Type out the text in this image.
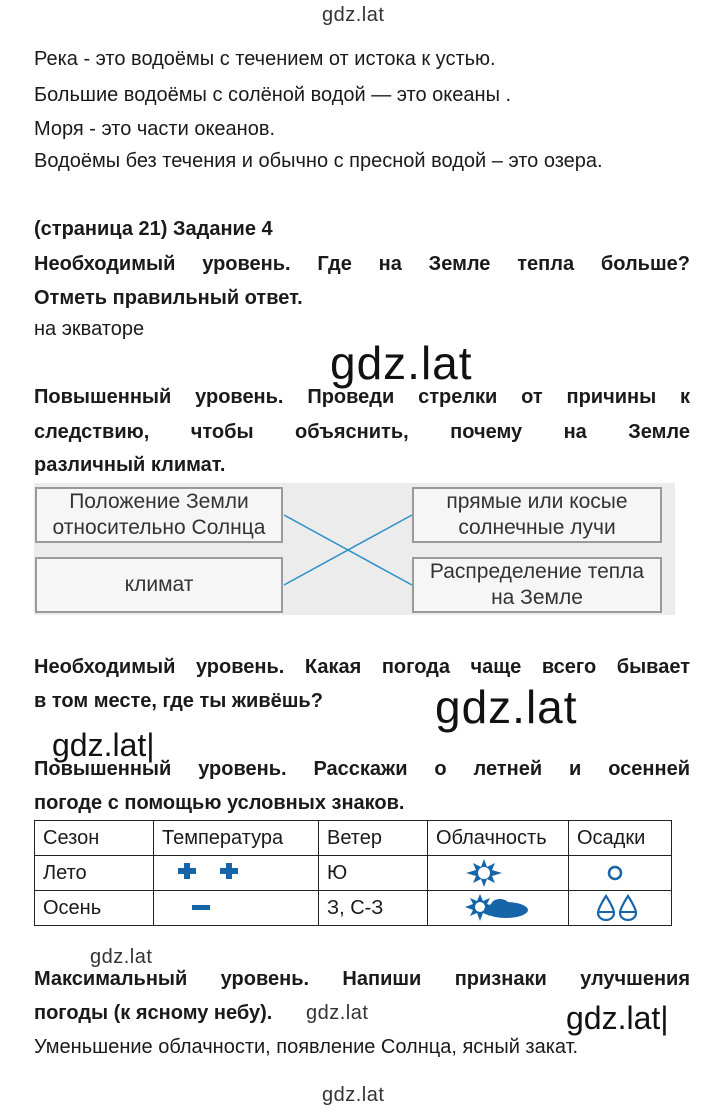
gdz.lat
Река - это водоёмы с течением от истока к устью.
Большие водоёмы с солёной водой — это океаны .
Моря - это части океанов.
Водоёмы без течения и обычно с пресной водой – это озера.
(страница 21) Задание 4
Необходимый уровень. Где на Земле тепла больше?
Отметь правильный ответ.
на экваторе
gdz.lat
Повышенный уровень. Проведи стрелки от причины к
следствию, чтобы объяснить, почему на Земле
различный климат.
Положение Земли
относительно Солнца
климат
прямые или косые
солнечные лучи
Распределение тепла
на Земле
Необходимый уровень. Какая погода чаще всего бывает
в том месте, где ты живёшь? gdz.lat
gdz.lat|
Повышенный уровень. Расскажи о летней и осенней
погоде с помощью условных знаков.
Сезон	Температура	Ветер	Облачность	Осадки
Лето		Ю		
Осень		З, С-З		
gdz.lat
Максимальный уровень. Напиши признаки улучшения
погоды (к ясному небу). gdz.lat	gdz.lat|
Уменьшение облачности, появление Солнца, ясный закат.
gdz.lat
